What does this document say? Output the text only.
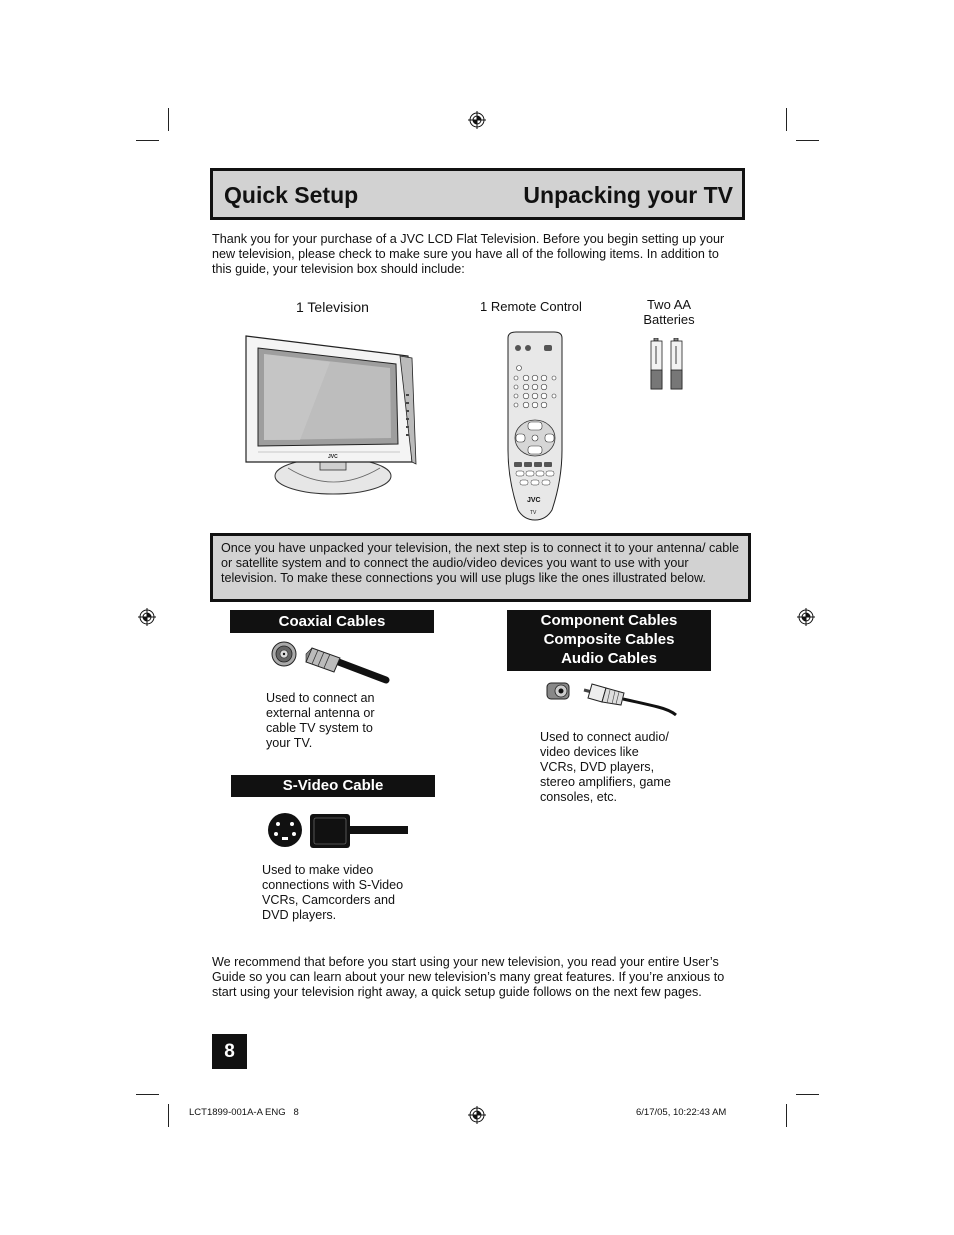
Quick Setup	Unpacking your TV
Thank you for your purchase of a JVC LCD Flat Television. Before you begin setting up your new television, please check to make sure you have all of the following items. In addition to this guide, your television box should include:
1 Television	1 Remote Control	Two AA
Batteries
JVC
JVC
TV
Once you have unpacked your television, the next step is to connect it to your antenna/ cable or satellite system and to connect the audio/video devices you want to use with your television. To make these connections you will use plugs like the ones illustrated below.
Coaxial Cables
Used to connect an
external antenna or
cable TV system to
your TV.
S-Video Cable
Used to make video
connections with S-Video
VCRs, Camcorders and
DVD players.
Component Cables
Composite Cables
Audio Cables
Used to connect audio/
video devices like
VCRs, DVD players,
stereo amplifiers, game
consoles, etc.
We recommend that before you start using your new television, you read your entire User’s Guide so you can learn about your new television’s many great features. If you’re anxious to start using your television right away, a quick setup guide follows on the next few pages.
8
LCT1899-001A-A ENG   8	6/17/05, 10:22:43 AM
